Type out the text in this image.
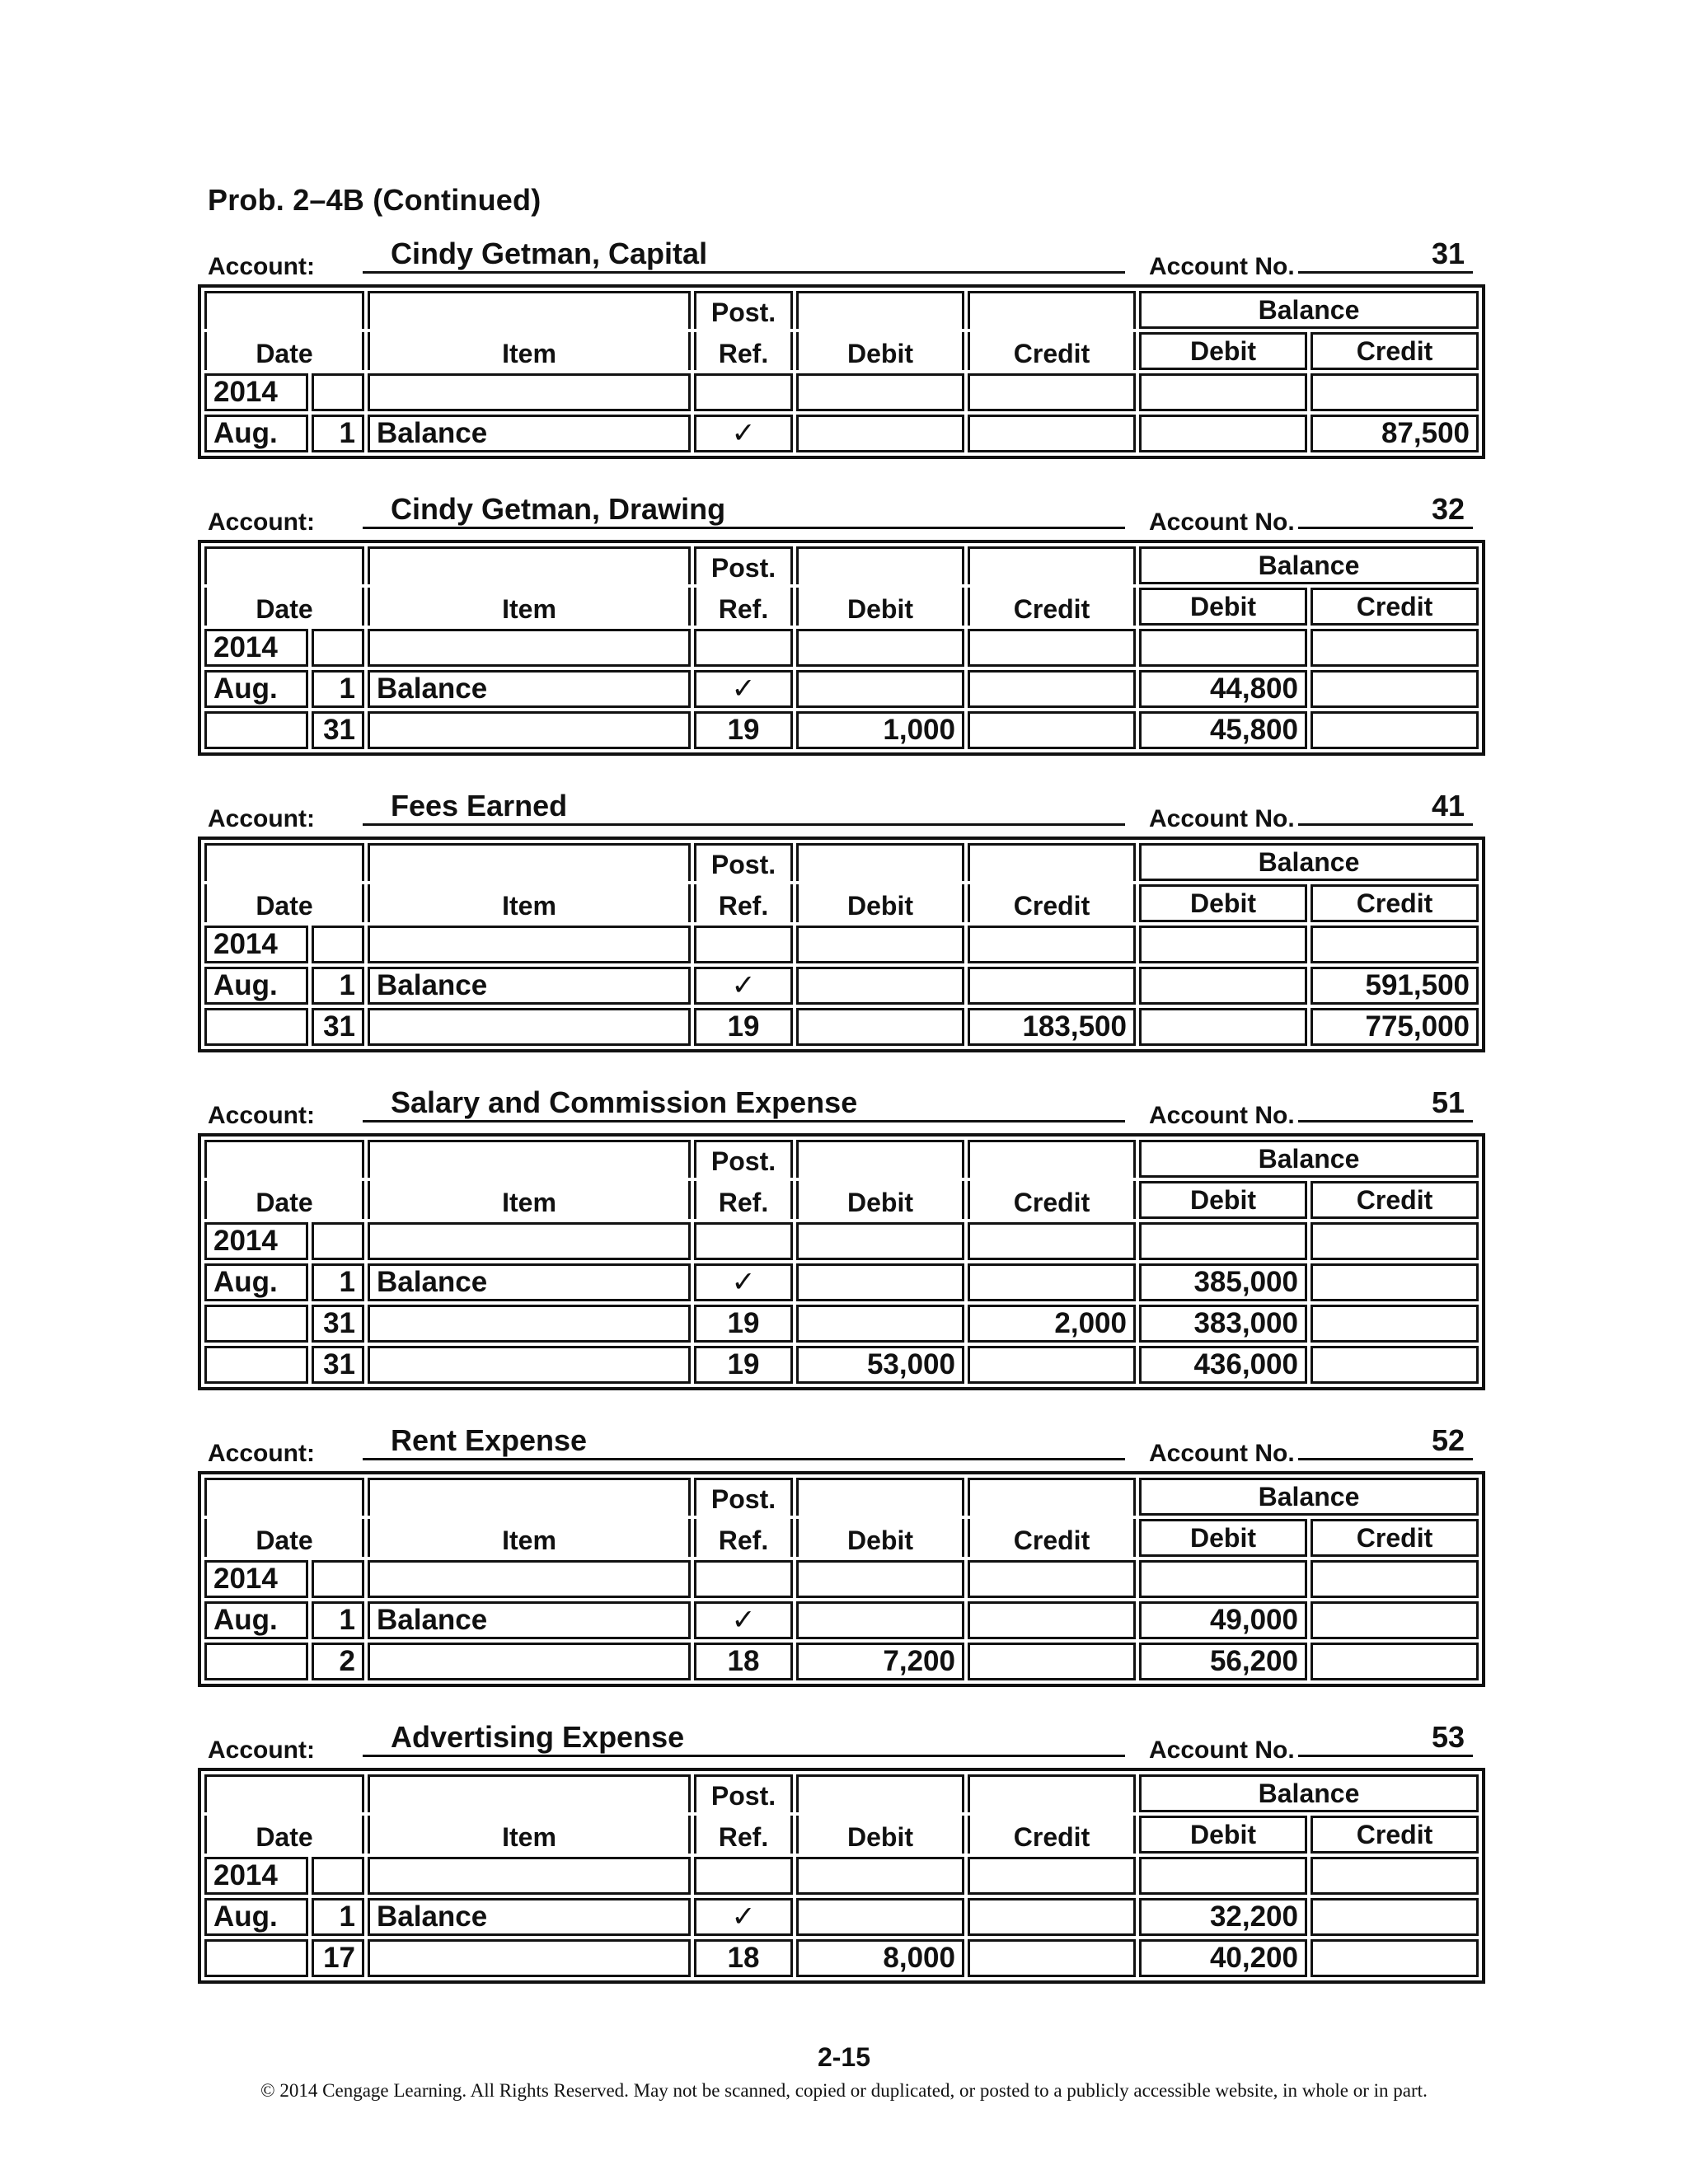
Prob. 2–4B (Continued)
Account:	Cindy Getman, Capital	Account No.	31
			Post.			Balance	
Date		Item	Ref.	Debit	Credit	Debit	Credit
2014							
Aug.	1	Balance	✓				87,500
Account:	Cindy Getman, Drawing	Account No.	32
			Post.			Balance	
Date		Item	Ref.	Debit	Credit	Debit	Credit
2014							
Aug.	1	Balance	✓			44,800	
	31		19	1,000		45,800	
Account:	Fees Earned	Account No.	41
			Post.			Balance	
Date		Item	Ref.	Debit	Credit	Debit	Credit
2014							
Aug.	1	Balance	✓				591,500
	31		19		183,500		775,000
Account:	Salary and Commission Expense	Account No.	51
			Post.			Balance	
Date		Item	Ref.	Debit	Credit	Debit	Credit
2014							
Aug.	1	Balance	✓			385,000	
	31		19		2,000	383,000	
	31		19	53,000		436,000	
Account:	Rent Expense	Account No.	52
			Post.			Balance	
Date		Item	Ref.	Debit	Credit	Debit	Credit
2014							
Aug.	1	Balance	✓			49,000	
	2		18	7,200		56,200	
Account:	Advertising Expense	Account No.	53
			Post.			Balance	
Date		Item	Ref.	Debit	Credit	Debit	Credit
2014							
Aug.	1	Balance	✓			32,200	
	17		18	8,000		40,200	
2-15
© 2014 Cengage Learning. All Rights Reserved. May not be scanned, copied or duplicated, or posted to a publicly accessible website, in whole or in part.
